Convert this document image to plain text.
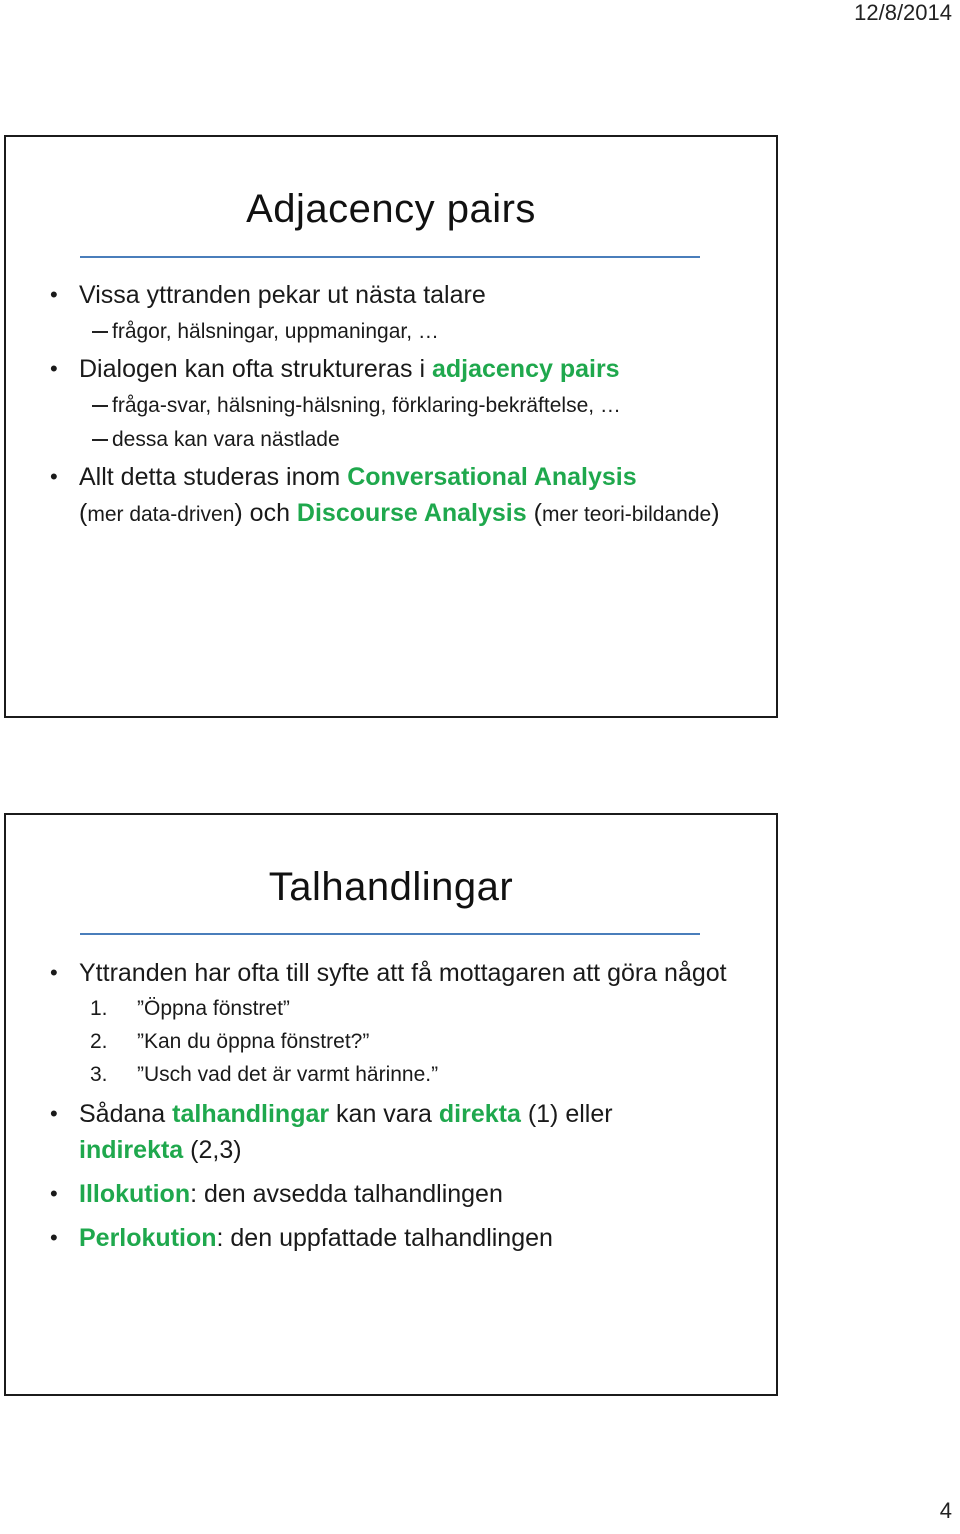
12/8/2014
Adjacency pairs
• Vissa yttranden pekar ut nästa talare
frågor, hälsningar, uppmaningar, …
• Dialogen kan ofta struktureras i adjacency pairs
fråga-svar, hälsning-hälsning, förklaring-bekräftelse, …
dessa kan vara nästlade
• Allt detta studeras inom Conversational Analysis
(mer data-driven) och Discourse Analysis (mer teori-bildande)
Talhandlingar
• Yttranden har ofta till syfte att få mottagaren att göra något
1. ”Öppna fönstret”
2. ”Kan du öppna fönstret?”
3. ”Usch vad det är varmt härinne.”
• Sådana talhandlingar kan vara direkta (1) eller
indirekta (2,3)
• Illokution: den avsedda talhandlingen
• Perlokution: den uppfattade talhandlingen
4
